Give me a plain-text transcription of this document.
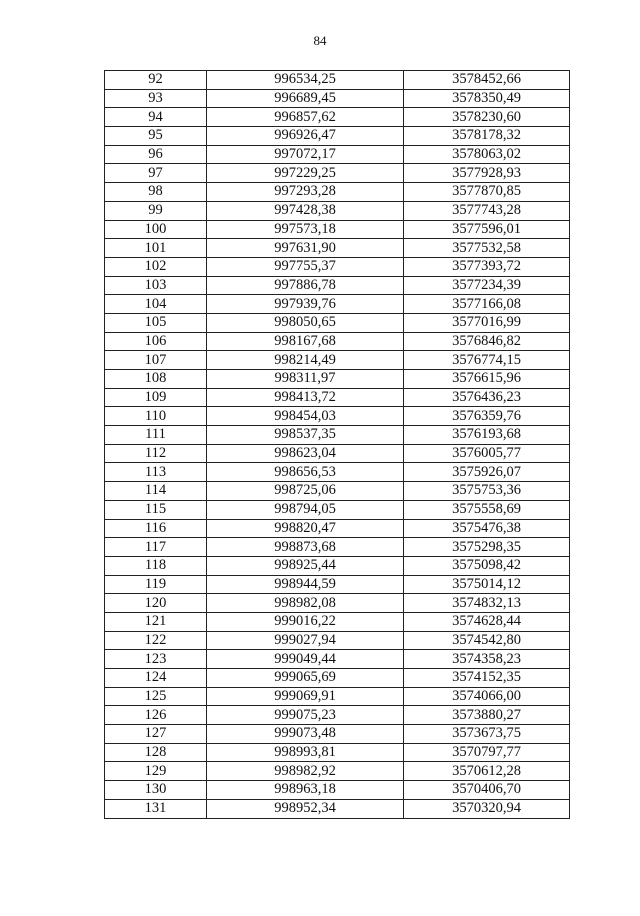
84
92	996534,25	3578452,66
93	996689,45	3578350,49
94	996857,62	3578230,60
95	996926,47	3578178,32
96	997072,17	3578063,02
97	997229,25	3577928,93
98	997293,28	3577870,85
99	997428,38	3577743,28
100	997573,18	3577596,01
101	997631,90	3577532,58
102	997755,37	3577393,72
103	997886,78	3577234,39
104	997939,76	3577166,08
105	998050,65	3577016,99
106	998167,68	3576846,82
107	998214,49	3576774,15
108	998311,97	3576615,96
109	998413,72	3576436,23
110	998454,03	3576359,76
111	998537,35	3576193,68
112	998623,04	3576005,77
113	998656,53	3575926,07
114	998725,06	3575753,36
115	998794,05	3575558,69
116	998820,47	3575476,38
117	998873,68	3575298,35
118	998925,44	3575098,42
119	998944,59	3575014,12
120	998982,08	3574832,13
121	999016,22	3574628,44
122	999027,94	3574542,80
123	999049,44	3574358,23
124	999065,69	3574152,35
125	999069,91	3574066,00
126	999075,23	3573880,27
127	999073,48	3573673,75
128	998993,81	3570797,77
129	998982,92	3570612,28
130	998963,18	3570406,70
131	998952,34	3570320,94
